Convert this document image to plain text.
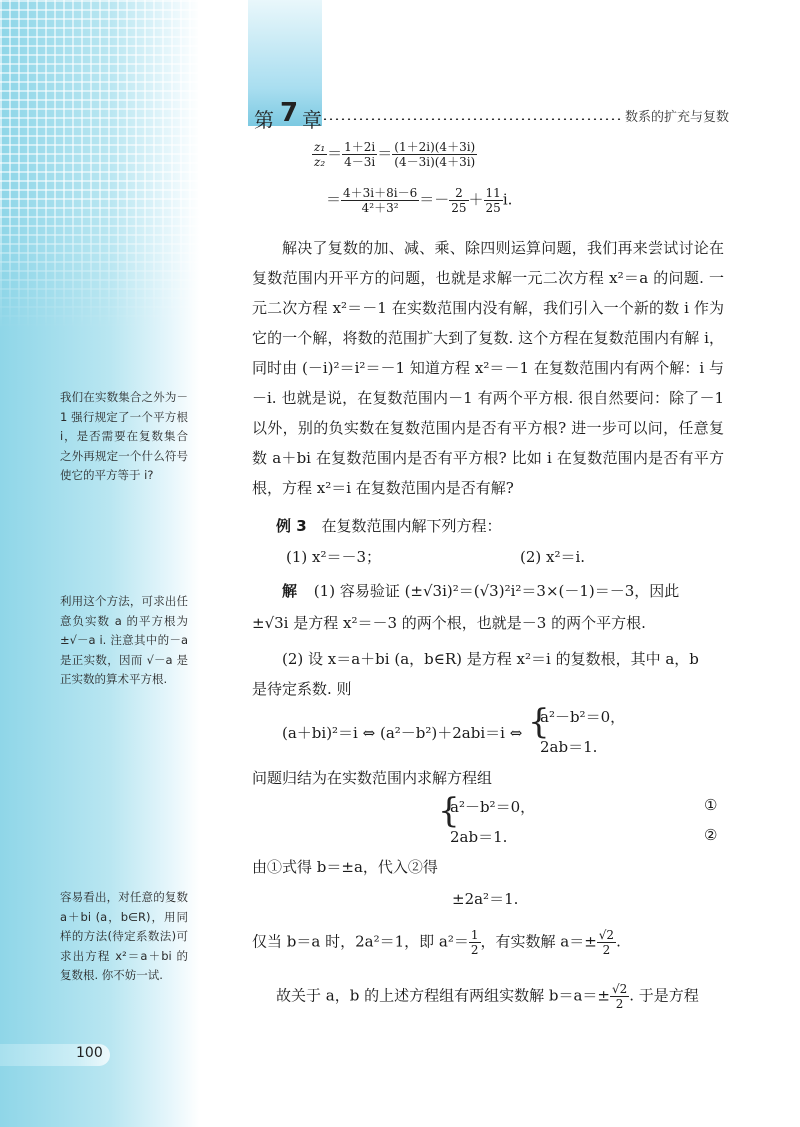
第 7 章	数系的扩充与复数
$\frac{\text{z₁}}{\text{z₂}} = \frac{1+2i}{4-3i} = \frac{(1+2i)(4+3i)}{(4-3i)(4+3i)}$
＝ $\frac{4+3i+8i-6}{\text{4²＋3²}} =- \frac{2}{25} + \frac{11}{25} i$.
解决了复数的加、减、乘、除四则运算问题，我们再来尝试讨论在复数范围内开平方的问题，也就是求解一元二次方程 x²＝a 的问题. 一元二次方程 x²＝－1 在实数范围内没有解，我们引入一个新的数 i 作为它的一个解，将数的范围扩大到了复数. 这个方程在复数范围内有解 i，同时由 (－i)²＝i²＝－1 知道方程 x²＝－1 在复数范围内有两个解：i 与－i. 也就是说，在复数范围内－1 有两个平方根. 很自然要问：除了－1 以外，别的负实数在复数范围内是否有平方根? 进一步可以问，任意复数 a＋bi 在复数范围内是否有平方根? 比如 i 在复数范围内是否有平方根，方程 x²＝i 在复数范围内是否有解?
例 3 在复数范围内解下列方程：
(1) x²＝－3；	(2) x²＝i.
解 (1) 容易验证 (±√3i)²＝(√3)²i²＝3×(－1)＝－3，因此
±√3i 是方程 x²＝－3 的两个根，也就是－3 的两个平方根.
(2) 设 x＝a＋bi (a，b∈R) 是方程 x²＝i 的复数根，其中 a，b
是待定系数. 则
(a＋bi)²＝i ⇔ (a²－b²)＋2abi＝i ⇔ {
a²－b²＝0，
2ab＝1.
问题归结为在实数范围内求解方程组
{
a²－b²＝0，
2ab＝1.
①
②
由①式得 b＝±a，代入②得
±2a²＝1.
仅当 b＝a 时，2a²＝1，即 $a^2= \frac{1}{2}$ ，有实数解 $a=\pm \frac{√2}{2}$ .
故关于 a，b 的上述方程组有两组实数解 $b=a=\pm \frac{√2}{2}$ . 于是方程
我们在实数集合之外为－1 强行规定了一个平方根 i，是否需要在复数集合之外再规定一个什么符号使它的平方等于 i?
利用这个方法，可求出任意负实数 a 的平方根为 ±√－a i. 注意其中的－a 是正实数，因而 √－a 是正实数的算术平方根.
容易看出，对任意的复数 a＋bi (a，b∈R)，用同样的方法(待定系数法)可求出方程 x²＝a＋bi 的复数根. 你不妨一试.
100
